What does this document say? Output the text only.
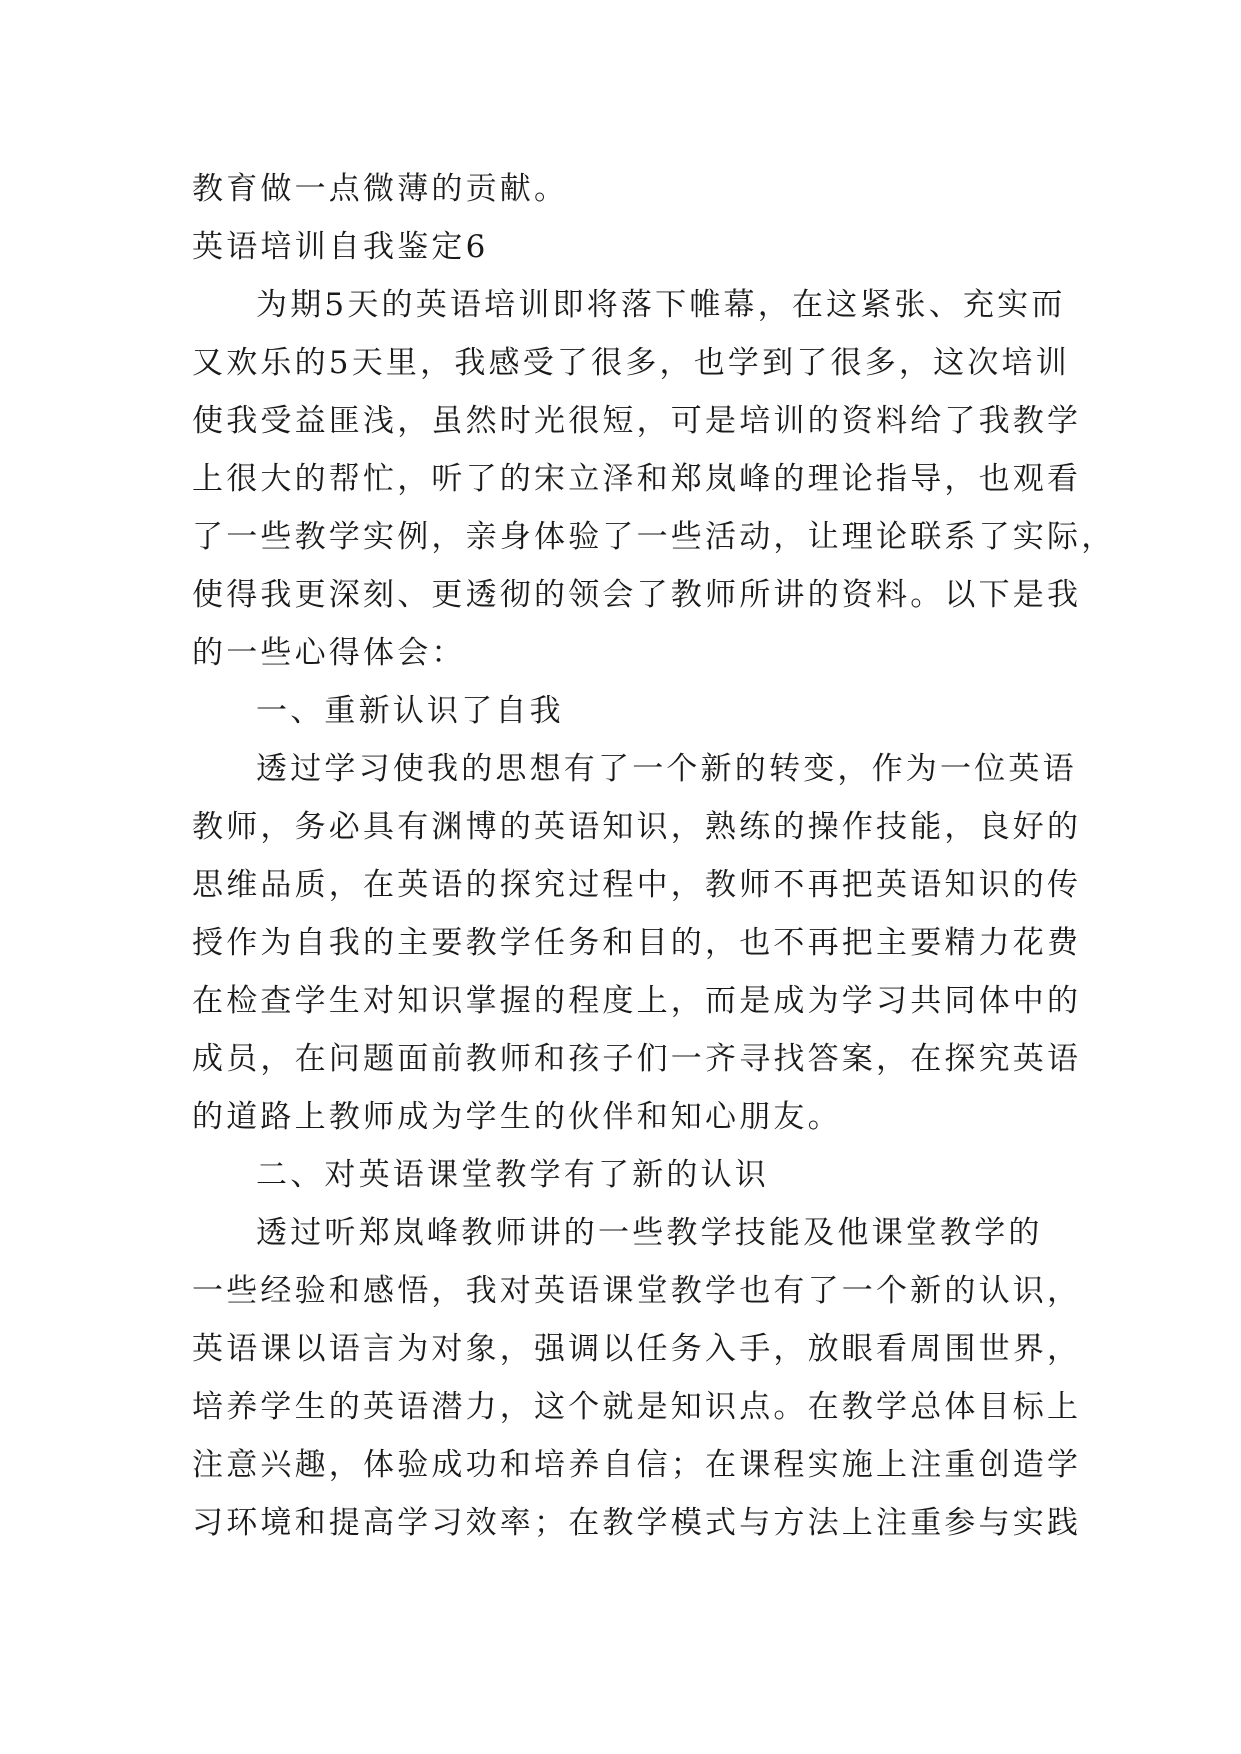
教育做一点微薄的贡献。
英语培训自我鉴定6
为期5天的英语培训即将落下帷幕，在这紧张、充实而
又欢乐的5天里，我感受了很多，也学到了很多，这次培训
使我受益匪浅，虽然时光很短，可是培训的资料给了我教学
上很大的帮忙，听了的宋立泽和郑岚峰的理论指导，也观看
了一些教学实例，亲身体验了一些活动，让理论联系了实际，
使得我更深刻、更透彻的领会了教师所讲的资料。以下是我
的一些心得体会：
一、重新认识了自我
透过学习使我的思想有了一个新的转变，作为一位英语
教师，务必具有渊博的英语知识，熟练的操作技能，良好的
思维品质，在英语的探究过程中，教师不再把英语知识的传
授作为自我的主要教学任务和目的，也不再把主要精力花费
在检查学生对知识掌握的程度上，而是成为学习共同体中的
成员，在问题面前教师和孩子们一齐寻找答案，在探究英语
的道路上教师成为学生的伙伴和知心朋友。
二、对英语课堂教学有了新的认识
透过听郑岚峰教师讲的一些教学技能及他课堂教学的
一些经验和感悟，我对英语课堂教学也有了一个新的认识，
英语课以语言为对象，强调以任务入手，放眼看周围世界，
培养学生的英语潜力，这个就是知识点。在教学总体目标上
注意兴趣，体验成功和培养自信；在课程实施上注重创造学
习环境和提高学习效率；在教学模式与方法上注重参与实践
